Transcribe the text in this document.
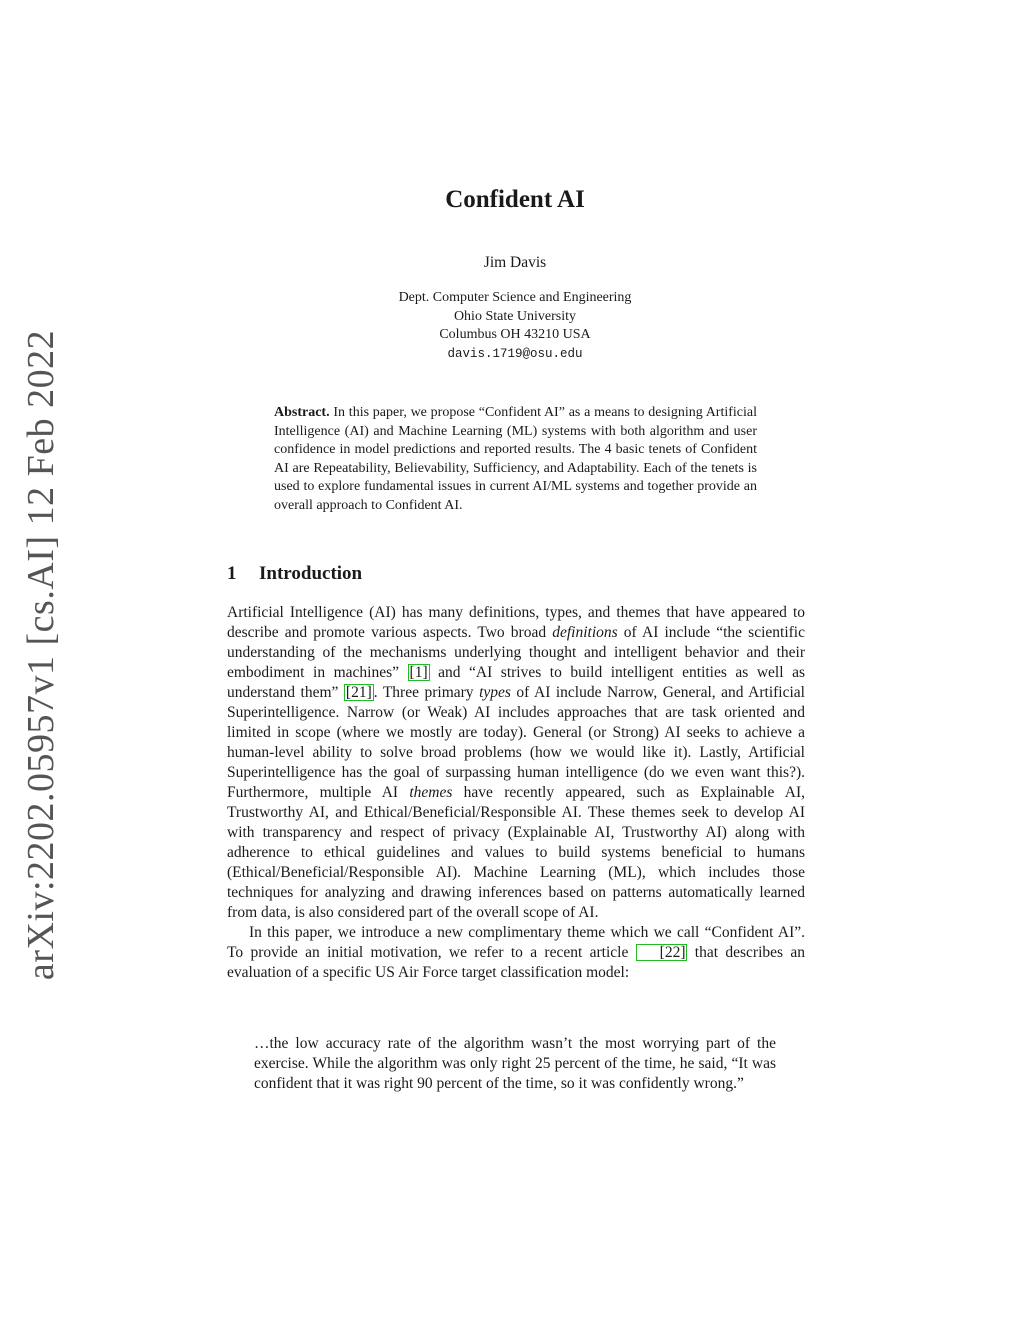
arXiv:2202.05957v1 [cs.AI] 12 Feb 2022
Confident AI
Jim Davis
Dept. Computer Science and Engineering
Ohio State University
Columbus OH 43210 USA
davis.1719@osu.edu
Abstract. In this paper, we propose “Confident AI” as a means to designing Artificial Intelligence (AI) and Machine Learning (ML) systems with both algorithm and user confidence in model predictions and reported results. The 4 basic tenets of Confident AI are Repeatability, Believability, Sufficiency, and Adaptability. Each of the tenets is used to explore fundamental issues in current AI/ML systems and together provide an overall approach to Confident AI.
1 Introduction

Artificial Intelligence (AI) has many definitions, types, and themes that have appeared to describe and promote various aspects. Two broad definitions of AI include “the scientific understanding of the mechanisms underlying thought and intelligent behavior and their embodiment in machines” [1] and “AI strives to build intelligent entities as well as understand them” [21] . Three primary types of AI include Narrow, General, and Artificial Superintelligence. Narrow (or Weak) AI includes approaches that are task oriented and limited in scope (where we mostly are today). General (or Strong) AI seeks to achieve a human-level ability to solve broad problems (how we would like it). Lastly, Artificial Superintelligence has the goal of surpassing human intelligence (do we even want this?). Furthermore, multiple AI themes have recently appeared, such as Explainable AI, Trustworthy AI, and Ethical/Beneficial/Responsible AI. These themes seek to develop AI with transparency and respect of privacy (Explainable AI, Trustworthy AI) along with adherence to ethical guidelines and values to build systems beneficial to humans (Ethical/Beneficial/Responsible AI). Machine Learning (ML), which includes those techniques for analyzing and drawing inferences based on patterns automatically learned from data, is also considered part of the overall scope of AI.

In this paper, we introduce a new complimentary theme which we call “Confident AI”. To provide an initial motivation, we refer to a recent article [22] that describes an evaluation of a specific US Air Force target classification model:

…the low accuracy rate of the algorithm wasn’t the most worrying part of the exercise. While the algorithm was only right 25 percent of the time, he said, “It was confident that it was right 90 percent of the time, so it was confidently wrong.”
